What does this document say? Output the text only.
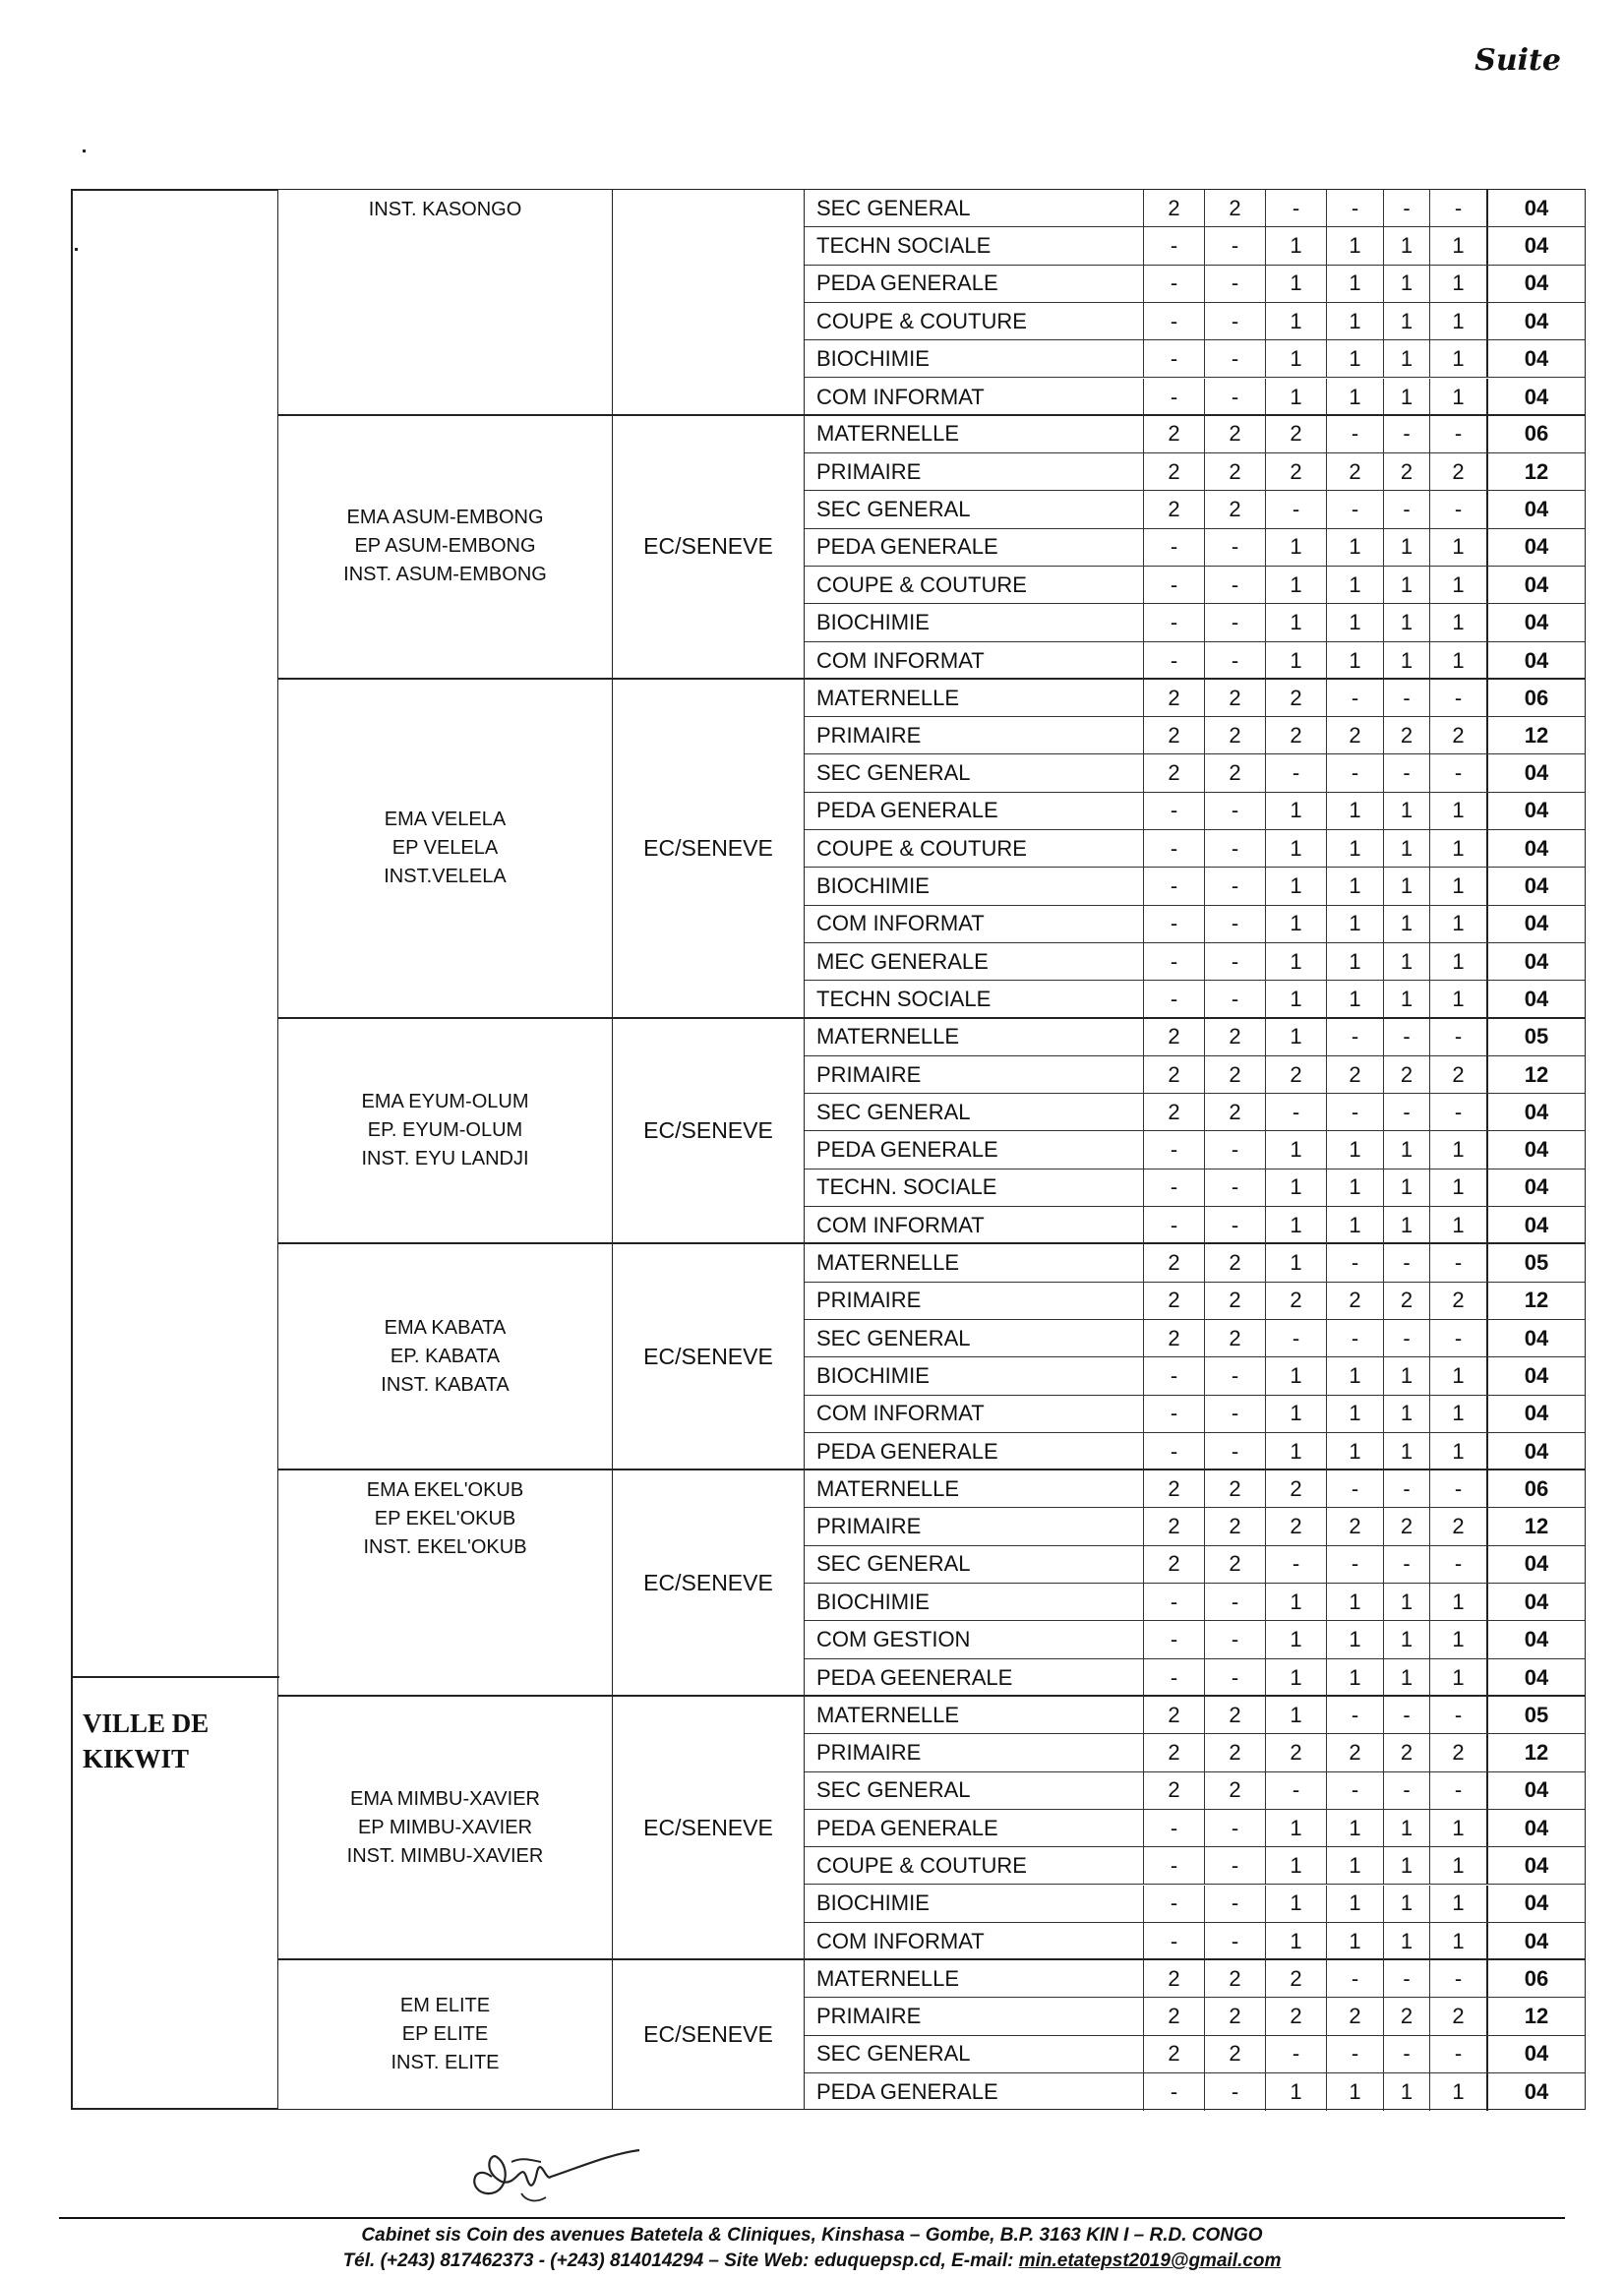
Suite
VILLE DE
KIKWIT
INST. KASONGO	SEC GENERAL	2	2	-	-	-	-	04
TECHN SOCIALE	-	-	1	1	1	1	04
PEDA GENERALE	-	-	1	1	1	1	04
COUPE & COUTURE	-	-	1	1	1	1	04
BIOCHIMIE	-	-	1	1	1	1	04
COM INFORMAT	-	-	1	1	1	1	04
EMA ASUM-EMBONG
EP ASUM-EMBONG
INST. ASUM-EMBONG
EC/SENEVE
MATERNELLE	2	2	2	-	-	-	06
PRIMAIRE	2	2	2	2	2	2	12
SEC GENERAL	2	2	-	-	-	-	04
PEDA GENERALE	-	-	1	1	1	1	04
COUPE & COUTURE	-	-	1	1	1	1	04
BIOCHIMIE	-	-	1	1	1	1	04
COM INFORMAT	-	-	1	1	1	1	04
EMA VELELA
EP VELELA
INST.VELELA
EC/SENEVE
MATERNELLE	2	2	2	-	-	-	06
PRIMAIRE	2	2	2	2	2	2	12
SEC GENERAL	2	2	-	-	-	-	04
PEDA GENERALE	-	-	1	1	1	1	04
COUPE & COUTURE	-	-	1	1	1	1	04
BIOCHIMIE	-	-	1	1	1	1	04
COM INFORMAT	-	-	1	1	1	1	04
MEC GENERALE	-	-	1	1	1	1	04
TECHN SOCIALE	-	-	1	1	1	1	04
EMA EYUM-OLUM
EP. EYUM-OLUM
INST. EYU LANDJI
EC/SENEVE
MATERNELLE	2	2	1	-	-	-	05
PRIMAIRE	2	2	2	2	2	2	12
SEC GENERAL	2	2	-	-	-	-	04
PEDA GENERALE	-	-	1	1	1	1	04
TECHN. SOCIALE	-	-	1	1	1	1	04
COM INFORMAT	-	-	1	1	1	1	04
EMA KABATA
EP. KABATA
INST. KABATA
EC/SENEVE
MATERNELLE	2	2	1	-	-	-	05
PRIMAIRE	2	2	2	2	2	2	12
SEC GENERAL	2	2	-	-	-	-	04
BIOCHIMIE	-	-	1	1	1	1	04
COM INFORMAT	-	-	1	1	1	1	04
PEDA GENERALE	-	-	1	1	1	1	04
EMA EKEL'OKUB
EP EKEL'OKUB
INST. EKEL'OKUB
EC/SENEVE
MATERNELLE	2	2	2	-	-	-	06
PRIMAIRE	2	2	2	2	2	2	12
SEC GENERAL	2	2	-	-	-	-	04
BIOCHIMIE	-	-	1	1	1	1	04
COM GESTION	-	-	1	1	1	1	04
PEDA GEENERALE	-	-	1	1	1	1	04
EMA MIMBU-XAVIER
EP MIMBU-XAVIER
INST. MIMBU-XAVIER
EC/SENEVE
MATERNELLE	2	2	1	-	-	-	05
PRIMAIRE	2	2	2	2	2	2	12
SEC GENERAL	2	2	-	-	-	-	04
PEDA GENERALE	-	-	1	1	1	1	04
COUPE & COUTURE	-	-	1	1	1	1	04
BIOCHIMIE	-	-	1	1	1	1	04
COM INFORMAT	-	-	1	1	1	1	04
EM ELITE
EP ELITE
INST. ELITE
EC/SENEVE
MATERNELLE	2	2	2	-	-	-	06
PRIMAIRE	2	2	2	2	2	2	12
SEC GENERAL	2	2	-	-	-	-	04
PEDA GENERALE	-	-	1	1	1	1	04
Cabinet sis Coin des avenues Batetela & Cliniques, Kinshasa – Gombe, B.P. 3163 KIN I – R.D. CONGO
Tél. (+243) 817462373 - (+243) 814014294 – Site Web: eduquepsp.cd, E-mail: min.etatepst2019@gmail.com
